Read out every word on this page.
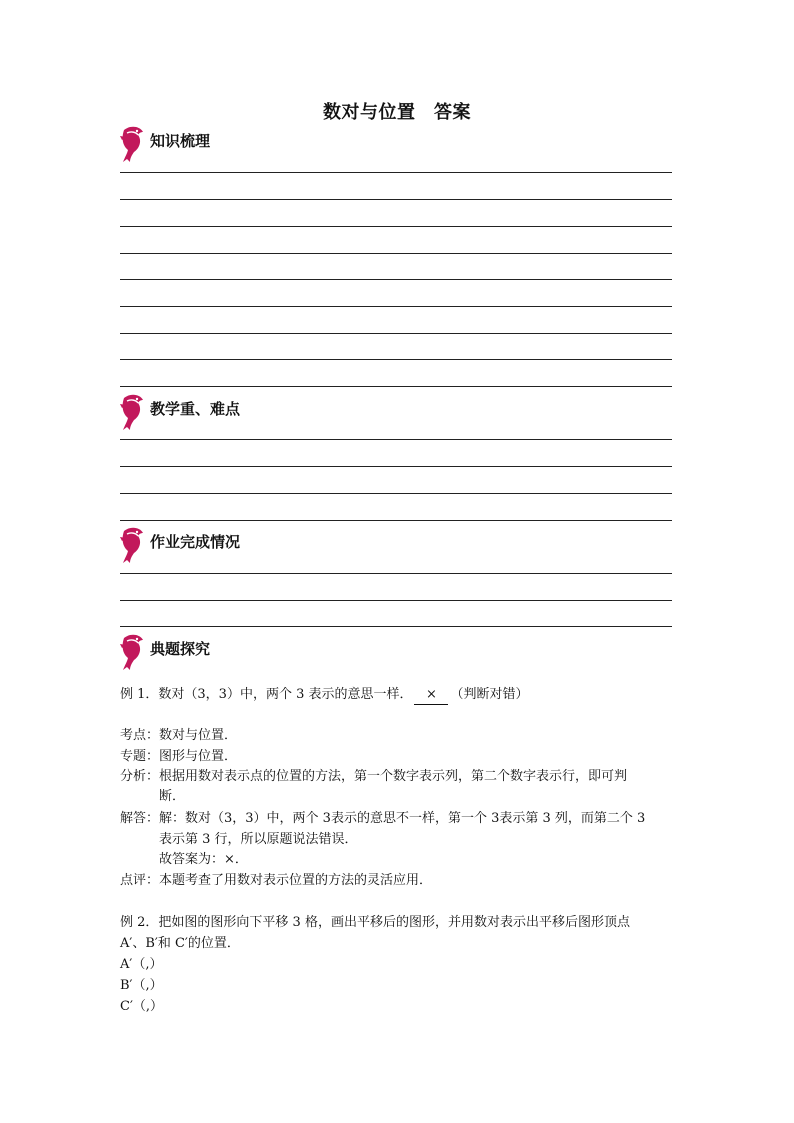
数对与位置　答案
知识梳理
教学重、难点
作业完成情况
典题探究
例 1．数对（3，3）中，两个 3 表示的意思一样． × （判断对错）
考点：数对与位置．
专题：图形与位置．
分析：根据用数对表示点的位置的方法，第一个数字表示列，第二个数字表示行，即可判
断．
解答：解：数对（3，3）中，两个 3表示的意思不一样，第一个 3表示第 3 列，而第二个 3
表示第 3 行，所以原题说法错误．
故答案为：×．
点评：本题考查了用数对表示位置的方法的灵活应用．
例 2．把如图的图形向下平移 3 格，画出平移后的图形，并用数对表示出平移后图形顶点
A′、B′和 C′的位置．
A′（,）
B′（,）
C′（,）
